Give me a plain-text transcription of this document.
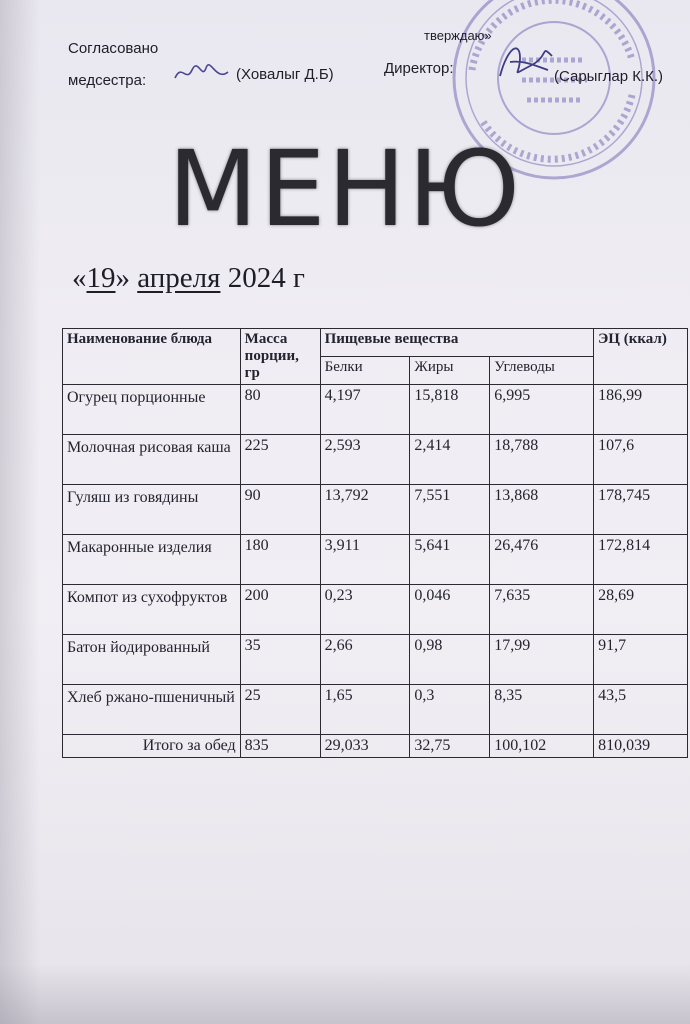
Согласовано
медсестра:	(Ховалыг Д.Б)
тверждаю»
Директор:	(Сарыглар К.К.)
МЕНЮ
«19» апреля 2024 г
Наименование блюда	Масса порции, гр	Пищевые вещества			ЭЦ (ккал)
		Белки	Жиры	Углеводы	
Огурец порционные	80	4,197	15,818	6,995	186,99
Молочная рисовая каша	225	2,593	2,414	18,788	107,6
Гуляш из говядины	90	13,792	7,551	13,868	178,745
Макаронные изделия	180	3,911	5,641	26,476	172,814
Компот из сухофруктов	200	0,23	0,046	7,635	28,69
Батон йодированный	35	2,66	0,98	17,99	91,7
Хлеб ржано-пшеничный	25	1,65	0,3	8,35	43,5
Итого за обед	835	29,033	32,75	100,102	810,039
